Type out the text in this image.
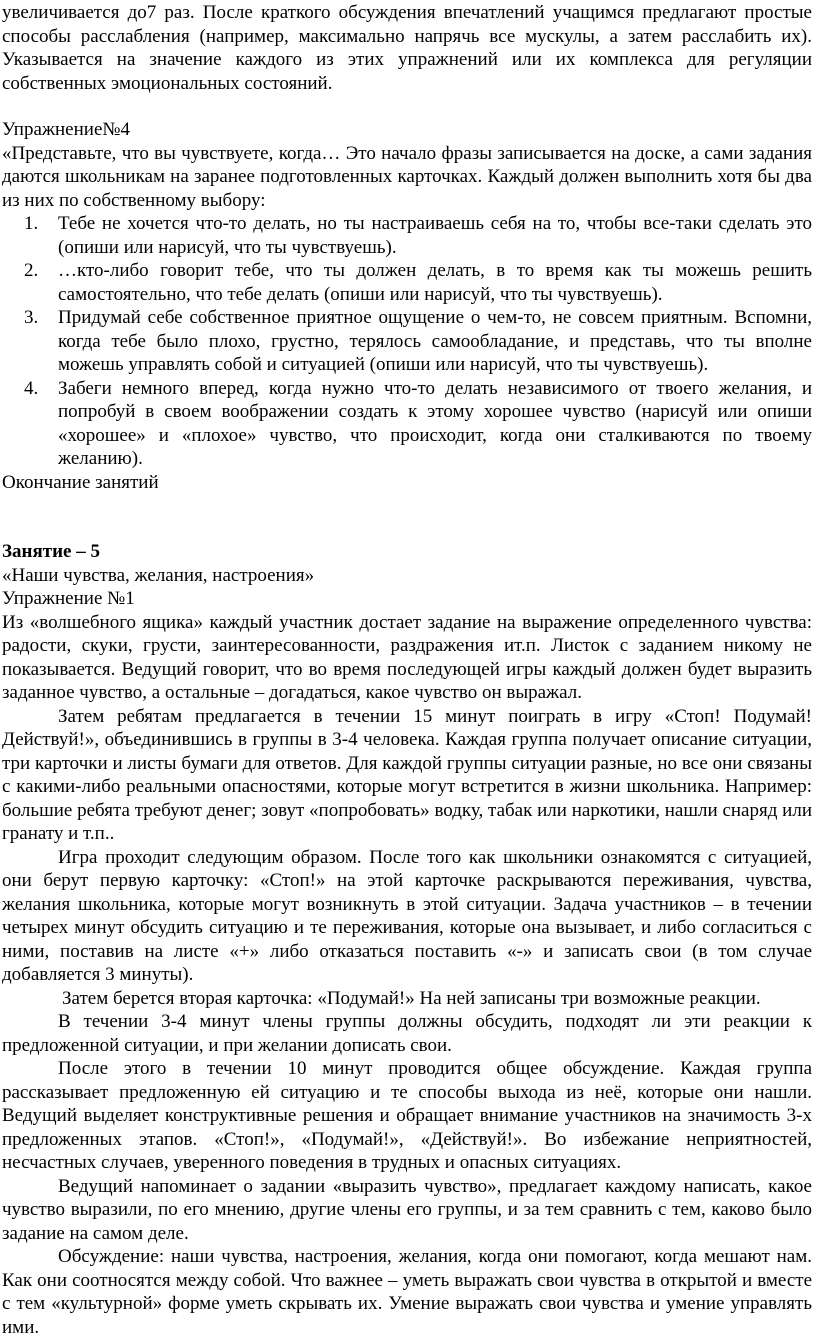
увеличивается до7 раз. После краткого обсуждения впечатлений учащимся предлагают простые способы расслабления (например, максимально напрячь все мускулы, а затем расслабить их). Указывается на значение каждого из этих упражнений или их комплекса для регуляции собственных эмоциональных состояний.

Упражнение№4

«Представьте, что вы чувствуете, когда… Это начало фразы записывается на доске, а сами задания даются школьникам на заранее подготовленных карточках. Каждый должен выполнить хотя бы два из них по собственному выбору:

1. Тебе не хочется что-то делать, но ты настраиваешь себя на то, чтобы все-таки сделать это (опиши или нарисуй, что ты чувствуешь).
2. …кто-либо говорит тебе, что ты должен делать, в то время как ты можешь решить самостоятельно, что тебе делать (опиши или нарисуй, что ты чувствуешь).
3. Придумай себе собственное приятное ощущение о чем-то, не совсем приятным. Вспомни, когда тебе было плохо, грустно, терялось самообладание, и представь, что ты вполне можешь управлять собой и ситуацией (опиши или нарисуй, что ты чувствуешь).
4. Забеги немного вперед, когда нужно что-то делать независимого от твоего желания, и попробуй в своем воображении создать к этому хорошее чувство (нарисуй или опиши «хорошее» и «плохое» чувство, что происходит, когда они сталкиваются по твоему желанию).

Окончание занятий

Занятие – 5

«Наши чувства, желания, настроения»

Упражнение №1

Из «волшебного ящика» каждый участник достает задание на выражение определенного чувства: радости, скуки, грусти, заинтересованности, раздражения ит.п. Листок с заданием никому не показывается. Ведущий говорит, что во время последующей игры каждый должен будет выразить заданное чувство, а остальные – догадаться, какое чувство он выражал.

Затем ребятам предлагается в течении 15 минут поиграть в игру «Стоп! Подумай! Действуй!», объединившись в группы в 3-4 человека. Каждая группа получает описание ситуации, три карточки и листы бумаги для ответов. Для каждой группы ситуации разные, но все они связаны с какими-либо реальными опасностями, которые могут встретится в жизни школьника. Например: большие ребята требуют денег; зовут «попробовать» водку, табак или наркотики, нашли снаряд или гранату и т.п..

Игра проходит следующим образом. После того как школьники ознакомятся с ситуацией, они берут первую карточку: «Стоп!» на этой карточке раскрываются переживания, чувства, желания школьника, которые могут возникнуть в этой ситуации. Задача участников – в течении четырех минут обсудить ситуацию и те переживания, которые она вызывает, и либо согласиться с ними, поставив на листе «+» либо отказаться поставить «-» и записать свои (в том случае добавляется 3 минуты).

Затем берется вторая карточка: «Подумай!» На ней записаны три возможные реакции.

В течении 3-4 минут члены группы должны обсудить, подходят ли эти реакции к предложенной ситуации, и при желании дописать свои.

После этого в течении 10 минут проводится общее обсуждение. Каждая группа рассказывает предложенную ей ситуацию и те способы выхода из неё, которые они нашли. Ведущий выделяет конструктивные решения и обращает внимание участников на значимость 3-х предложенных этапов. «Стоп!», «Подумай!», «Действуй!». Во избежание неприятностей, несчастных случаев, уверенного поведения в трудных и опасных ситуациях.

Ведущий напоминает о задании «выразить чувство», предлагает каждому написать, какое чувство выразили, по его мнению, другие члены его группы, и за тем сравнить с тем, каково было задание на самом деле.

Обсуждение: наши чувства, настроения, желания, когда они помогают, когда мешают нам. Как они соотносятся между собой. Что важнее – уметь выражать свои чувства в открытой и вместе с тем «культурной» форме уметь скрывать их. Умение выражать свои чувства и умение управлять ими.
